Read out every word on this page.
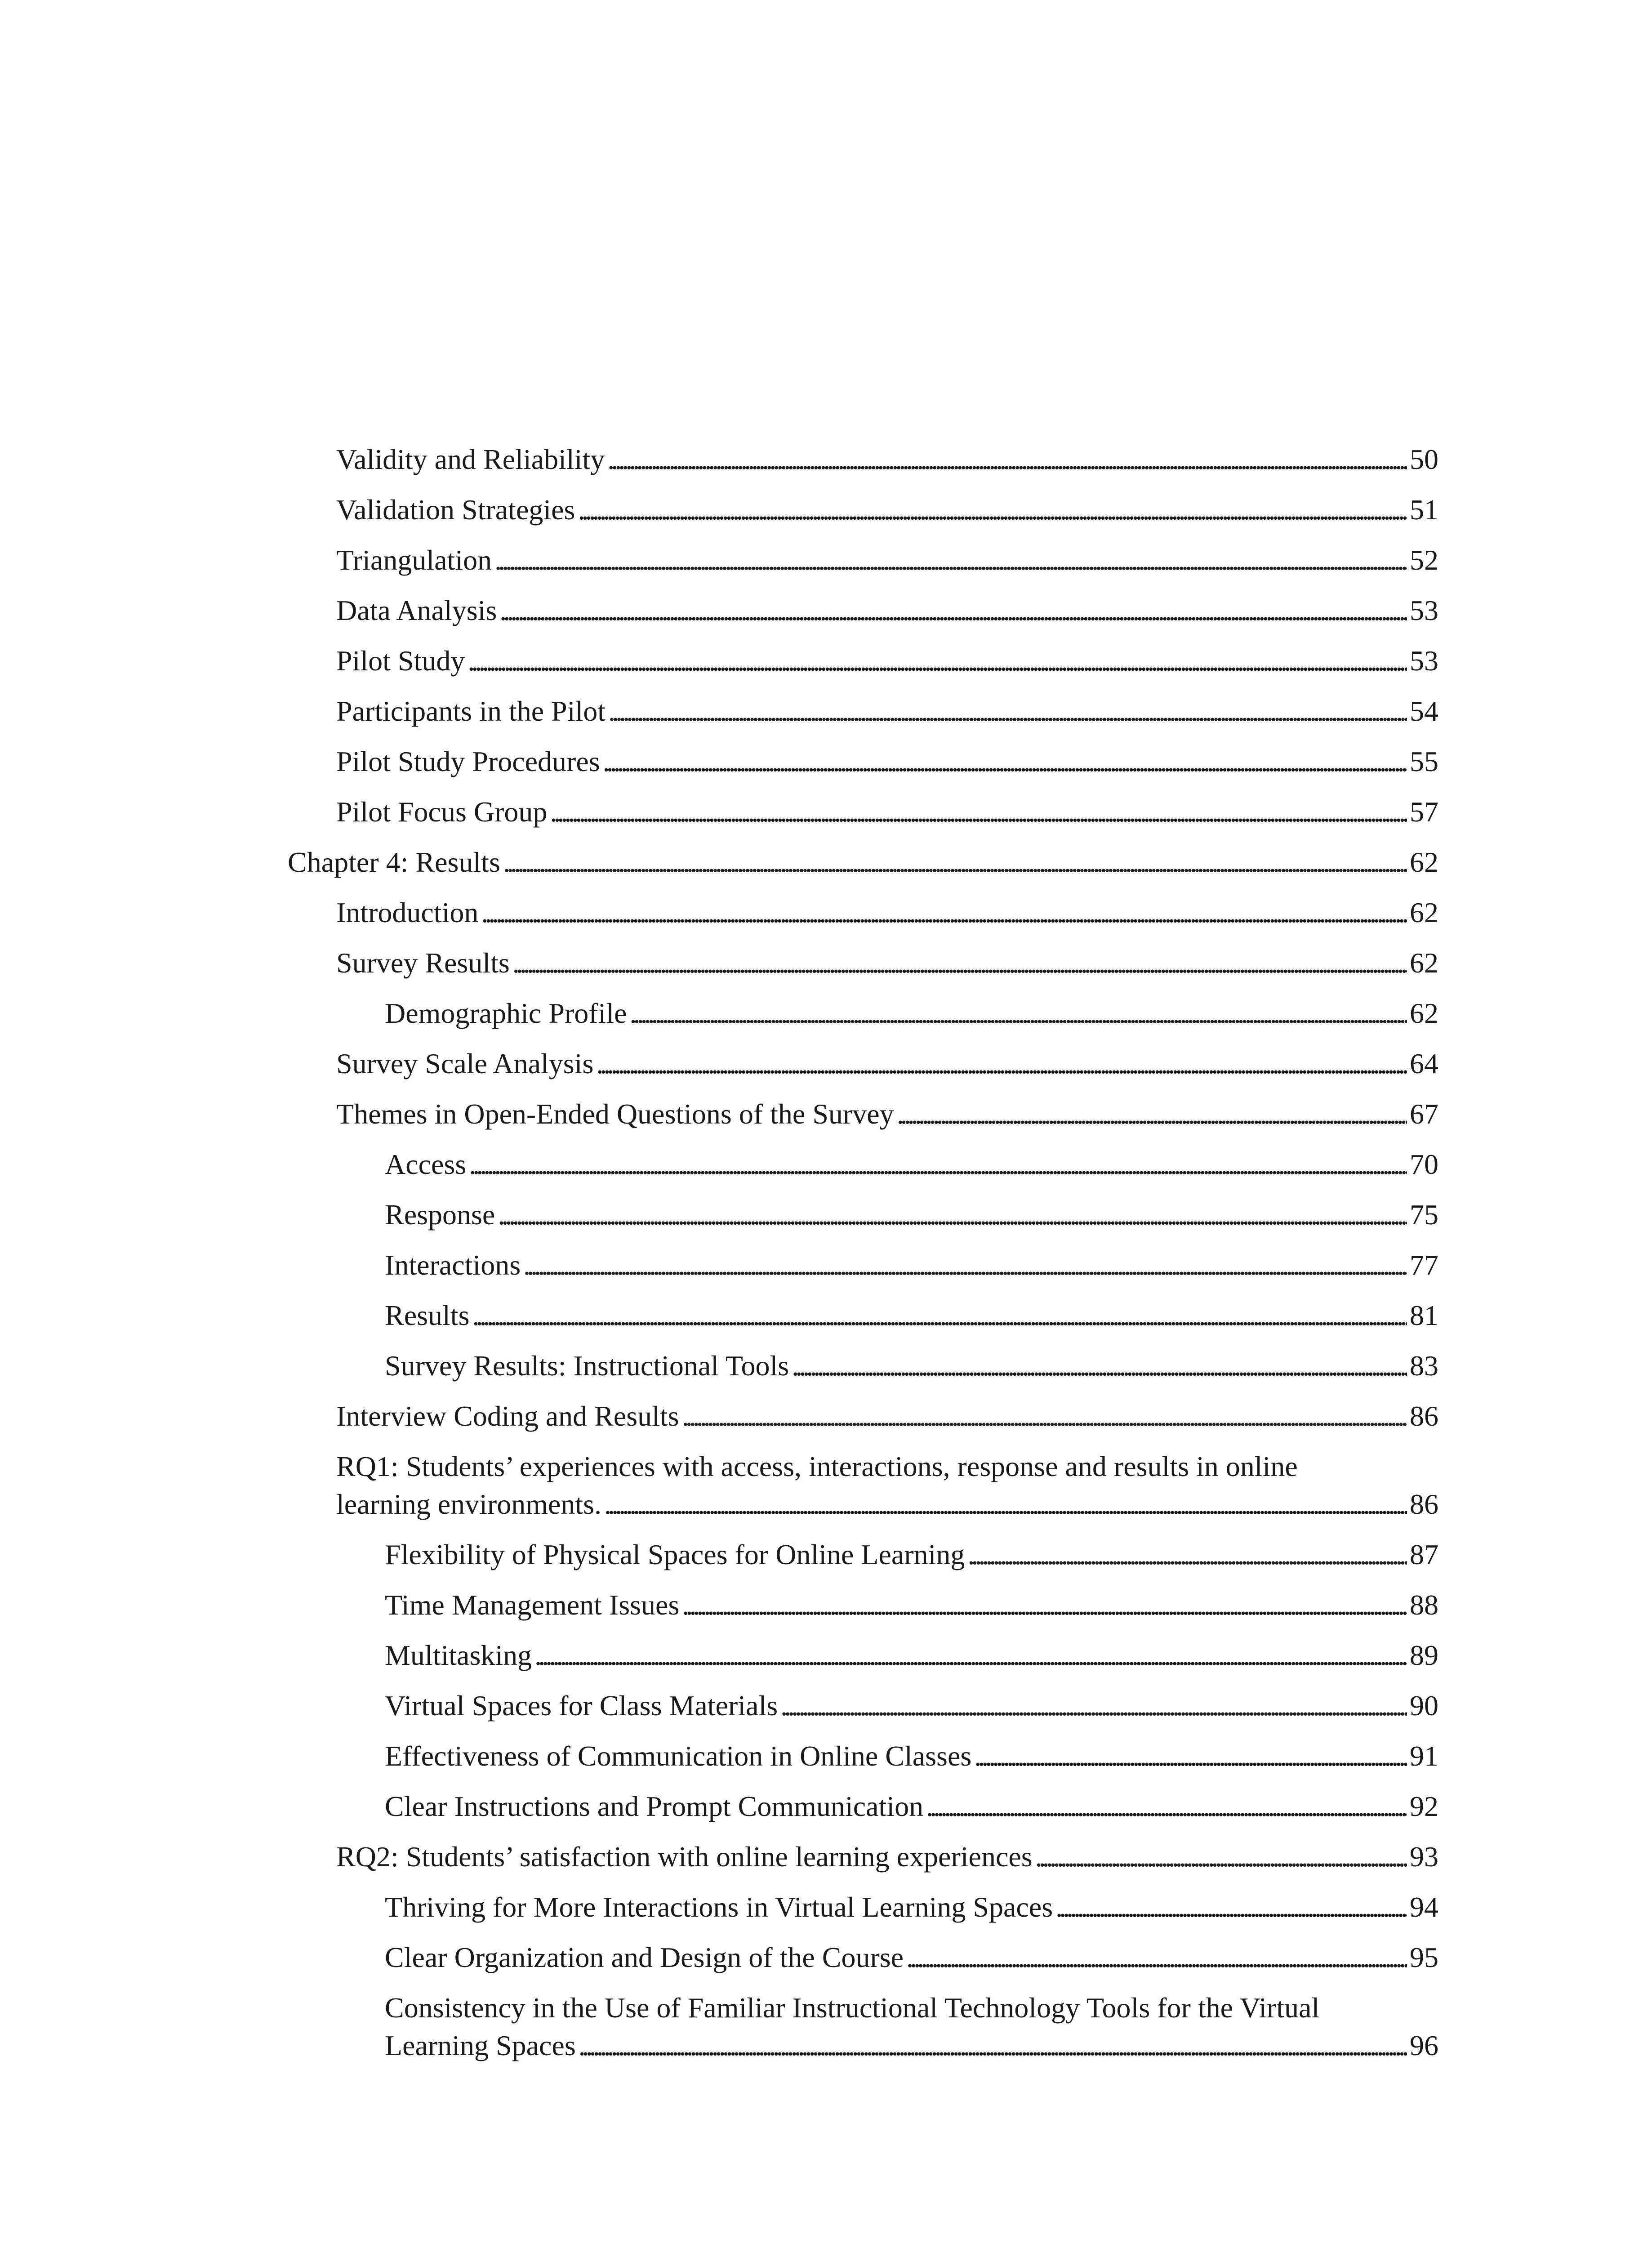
Validity and Reliability . . .	50
Validation Strategies . . .	51
Triangulation . . .	52
Data Analysis . . .	53
Pilot Study . . .	53
Participants in the Pilot . . .	54
Pilot Study Procedures . . .	55
Pilot Focus Group . . .	57
Chapter 4: Results . . .	62
Introduction . . .	62
Survey Results . . .	62
Demographic Profile . . .	62
Survey Scale Analysis . . .	64
Themes in Open-Ended Questions of the Survey . . .	67
Access . . .	70
Response . . .	75
Interactions . . .	77
Results . . .	81
Survey Results: Instructional Tools . . .	83
Interview Coding and Results . . .	86
RQ1: Students’ experiences with access, interactions, response and results in online
learning environments. . . .	86
Flexibility of Physical Spaces for Online Learning . . .	87
Time Management Issues . . .	88
Multitasking . . .	89
Virtual Spaces for Class Materials . . .	90
Effectiveness of Communication in Online Classes . . .	91
Clear Instructions and Prompt Communication . . .	92
RQ2: Students’ satisfaction with online learning experiences . . .	93
Thriving for More Interactions in Virtual Learning Spaces . . .	94
Clear Organization and Design of the Course . . .	95
Consistency in the Use of Familiar Instructional Technology Tools for the Virtual
Learning Spaces . . .	96
